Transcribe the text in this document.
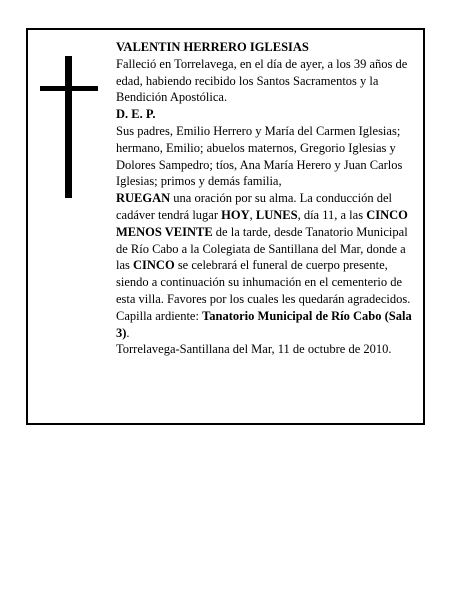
VALENTIN HERRERO IGLESIAS

Falleció en Torrelavega, en el día de ayer, a los 39 años de edad, habiendo recibido los Santos Sacramentos y la Bendición Apostólica.

D. E. P.

Sus padres, Emilio Herrero y María del Carmen Iglesias; hermano, Emilio; abuelos maternos, Gregorio Iglesias y Dolores Sampedro; tíos, Ana María Herero y Juan Carlos Iglesias; primos y demás familia,

RUEGAN una oración por su alma. La conducción del cadáver tendrá lugar HOY, LUNES, día 11, a las CINCO MENOS VEINTE de la tarde, desde Tanatorio Municipal de Río Cabo a la Colegiata de Santillana del Mar, donde a las CINCO se celebrará el funeral de cuerpo presente, siendo a continuación su inhumación en el cementerio de esta villa. Favores por los cuales les quedarán agradecidos.

Capilla ardiente: Tanatorio Municipal de Río Cabo (Sala 3).

Torrelavega-Santillana del Mar, 11 de octubre de 2010.
